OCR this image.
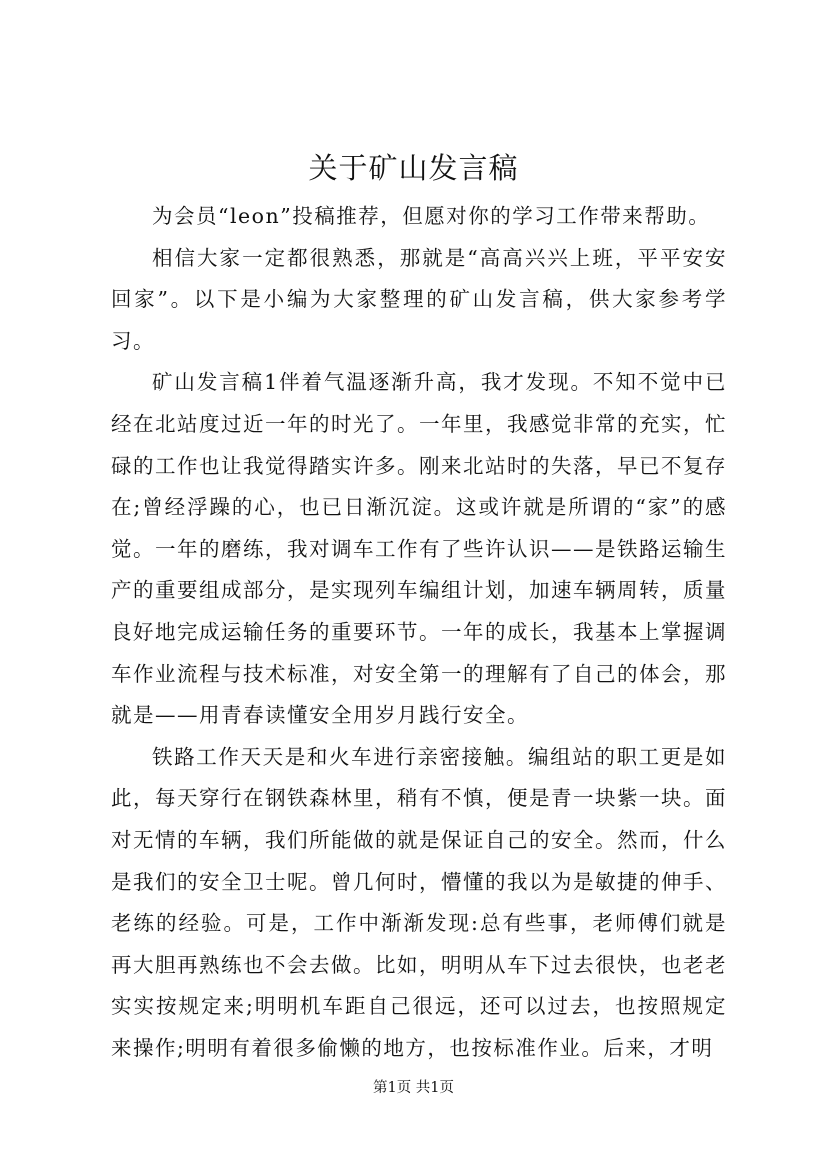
关于矿山发言稿

为会员“leon”投稿推荐，但愿对你的学习工作带来帮助。

相信大家一定都很熟悉，那就是“高高兴兴上班，平平安安回家”。以下是小编为大家整理的矿山发言稿，供大家参考学习。

矿山发言稿1伴着气温逐渐升高，我才发现。不知不觉中已经在北站度过近一年的时光了。一年里，我感觉非常的充实，忙碌的工作也让我觉得踏实许多。刚来北站时的失落，早已不复存在;曾经浮躁的心，也已日渐沉淀。这或许就是所谓的“家”的感觉。一年的磨练，我对调车工作有了些许认识——是铁路运输生产的重要组成部分，是实现列车编组计划，加速车辆周转，质量良好地完成运输任务的重要环节。一年的成长，我基本上掌握调车作业流程与技术标准，对安全第一的理解有了自己的体会，那就是——用青春读懂安全用岁月践行安全。

铁路工作天天是和火车进行亲密接触。编组站的职工更是如此，每天穿行在钢铁森林里，稍有不慎，便是青一块紫一块。面对无情的车辆，我们所能做的就是保证自己的安全。然而，什么是我们的安全卫士呢。曾几何时，懵懂的我以为是敏捷的伸手、老练的经验。可是，工作中渐渐发现:总有些事，老师傅们就是再大胆再熟练也不会去做。比如，明明从车下过去很快，也老老实实按规定来;明明机车距自己很远，还可以过去，也按照规定来操作;明明有着很多偷懒的地方，也按标准作业。后来，才明

第1页 共1页
